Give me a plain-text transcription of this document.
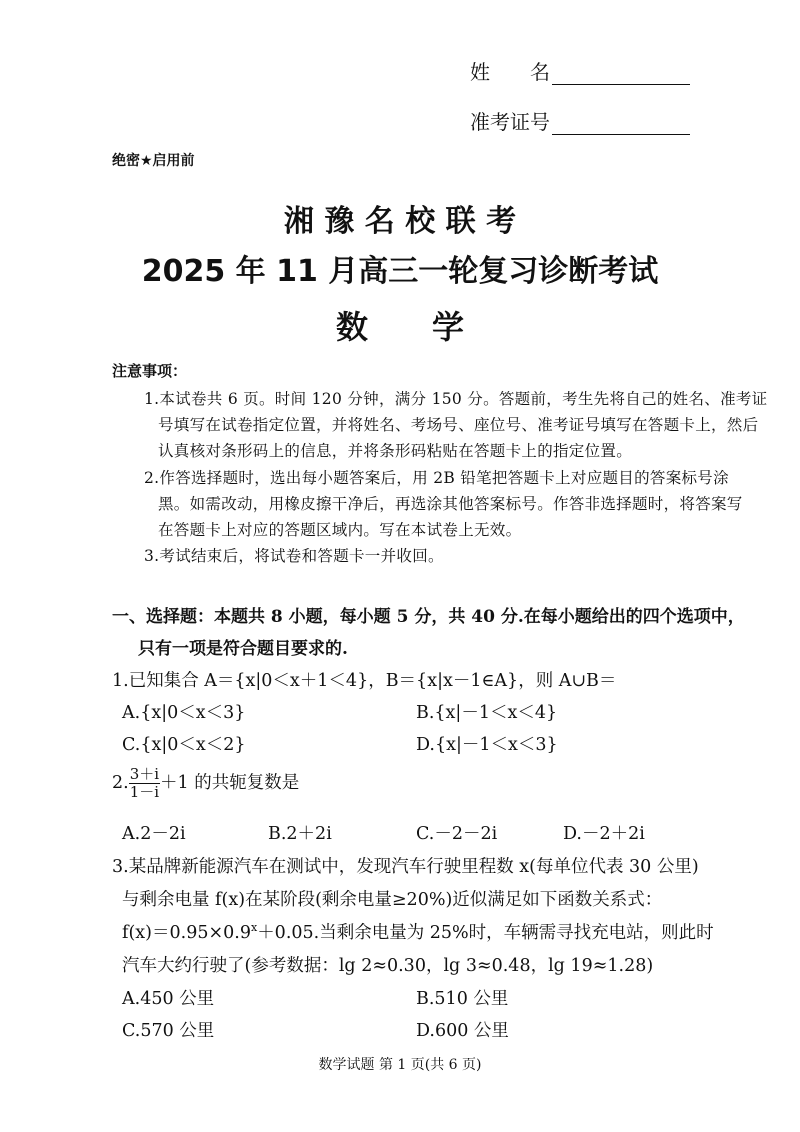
姓　　名
准考证号
绝密★启用前
湘 豫 名 校 联 考
2025 年 11 月高三一轮复习诊断考试
数　　学
注意事项：
1.本试卷共 6 页。时间 120 分钟，满分 150 分。答题前，考生先将自己的姓名、准考证
号填写在试卷指定位置，并将姓名、考场号、座位号、准考证号填写在答题卡上，然后
认真核对条形码上的信息，并将条形码粘贴在答题卡上的指定位置。
2.作答选择题时，选出每小题答案后，用 2B 铅笔把答题卡上对应题目的答案标号涂
黑。如需改动，用橡皮擦干净后，再选涂其他答案标号。作答非选择题时，将答案写
在答题卡上对应的答题区域内。写在本试卷上无效。
3.考试结束后，将试卷和答题卡一并收回。
一、选择题：本题共 8 小题，每小题 5 分，共 40 分.在每小题给出的四个选项中，
只有一项是符合题目要求的.
1.已知集合 A＝{x|0＜x＋1＜4}，B＝{x|x－1∈A}，则 A∪B＝
A.{x|0＜x＜3}	B.{x|－1＜x＜4}
C.{x|0＜x＜2}	D.{x|－1＜x＜3}
2. $\frac{3+i}{1-i} +1$ 的共轭复数是
A.2－2i	B.2＋2i	C.－2－2i	D.－2＋2i
3.某品牌新能源汽车在测试中，发现汽车行驶里程数 x(每单位代表 30 公里)
与剩余电量 f(x)在某阶段(剩余电量≥20%)近似满足如下函数关系式：
$f(x)=0.95\times 0.9^x+0.05$.当剩余电量为 25%时，车辆需寻找充电站，则此时
汽车大约行驶了(参考数据：lg 2≈0.30，lg 3≈0.48，lg 19≈1.28)
A.450 公里	B.510 公里
C.570 公里	D.600 公里
数学试题 第 1 页(共 6 页)
